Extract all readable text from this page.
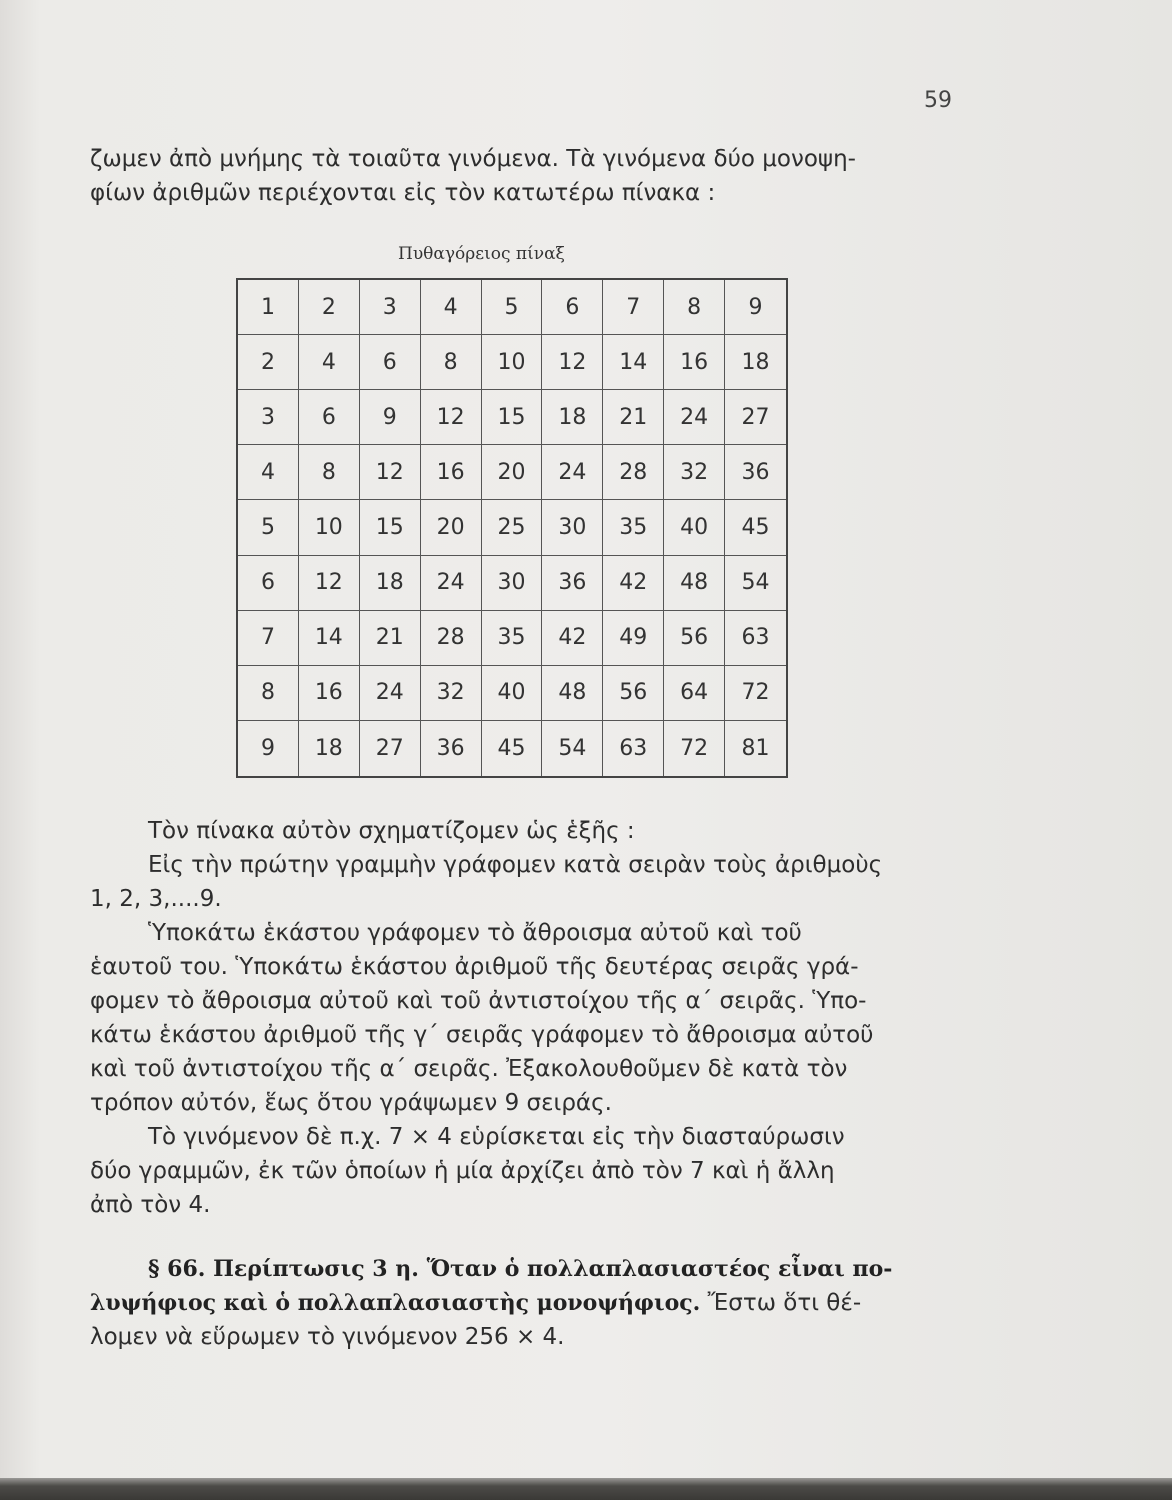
59
ζωμεν ἀπὸ μνήμης τὰ τοιαῦτα γινόμενα. Τὰ γινόμενα δύο μονοψη-
φίων ἀριθμῶν περιέχονται εἰς τὸν κατωτέρω πίνακα :
Πυθαγόρειος πίναξ
1	2	3	4	5	6	7	8	9
2	4	6	8	10	12	14	16	18
3	6	9	12	15	18	21	24	27
4	8	12	16	20	24	28	32	36
5	10	15	20	25	30	35	40	45
6	12	18	24	30	36	42	48	54
7	14	21	28	35	42	49	56	63
8	16	24	32	40	48	56	64	72
9	18	27	36	45	54	63	72	81
Τὸν πίνακα αὐτὸν σχηματίζομεν ὡς ἑξῆς :
Εἰς τὴν πρώτην γραμμὴν γράφομεν κατὰ σειρὰν τοὺς ἀριθμοὺς
1, 2, 3,....9.
Ὑποκάτω ἑκάστου γράφομεν τὸ ἄθροισμα αὐτοῦ καὶ τοῦ
ἑαυτοῦ του. Ὑποκάτω ἑκάστου ἀριθμοῦ τῆς δευτέρας σειρᾶς γρά-
φομεν τὸ ἄθροισμα αὐτοῦ καὶ τοῦ ἀντιστοίχου τῆς α΄ σειρᾶς. Ὑπο-
κάτω ἑκάστου ἀριθμοῦ τῆς γ΄ σειρᾶς γράφομεν τὸ ἄθροισμα αὐτοῦ
καὶ τοῦ ἀντιστοίχου τῆς α΄ σειρᾶς. Ἐξακολουθοῦμεν δὲ κατὰ τὸν
τρόπον αὐτόν, ἕως ὅτου γράψωμεν 9 σειράς.
Τὸ γινόμενον δὲ π.χ. 7 × 4 εὑρίσκεται εἰς τὴν διασταύρωσιν
δύο γραμμῶν, ἐκ τῶν ὁποίων ἡ μία ἀρχίζει ἀπὸ τὸν 7 καὶ ἡ ἄλλη
ἀπὸ τὸν 4.
§ 66. Περίπτωσις 3 η. Ὅταν ὁ πολλαπλασιαστέος εἶναι πο-
λυψήφιος καὶ ὁ πολλαπλασιαστὴς μονοψήφιος. Ἔστω ὅτι θέ-
λομεν νὰ εὕρωμεν τὸ γινόμενον 256 × 4.
